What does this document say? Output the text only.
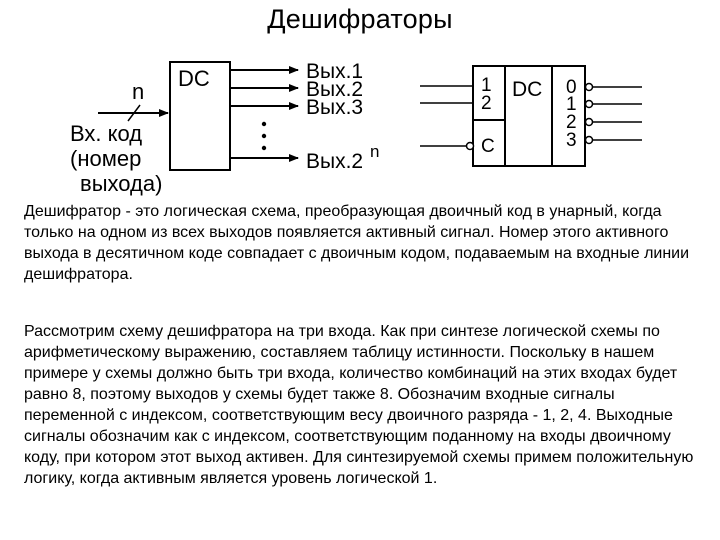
Дешифраторы
DC
n
Вх. код
(номер
выхода)
Вых.1
Вых.2
Вых.3
Вых.2 n
DC
1
2
C
0
1
2
3

Дешифратор - это логическая схема, преобразующая двоичный код в унарный, когда только на одном из всех выходов появляется активный сигнал. Номер этого активного выхода в десятичном коде совпадает с двоичным кодом, подаваемым на входные линии дешифратора.

Рассмотрим схему дешифратора на три входа. Как при синтезе логической схемы по арифметическому выражению, составляем таблицу истинности. Поскольку в нашем примере у схемы должно быть три входа, количество комбинаций на этих входах будет равно 8, поэтому выходов у схемы будет также 8. Обозначим входные сигналы переменной с индексом, соответствующим весу двоичного разряда - 1, 2, 4. Выходные сигналы обозначим как с индексом, соответствующим поданному на входы двоичному коду, при котором этот выход активен. Для синтезируемой схемы примем положительную логику, когда активным является уровень логической 1.
